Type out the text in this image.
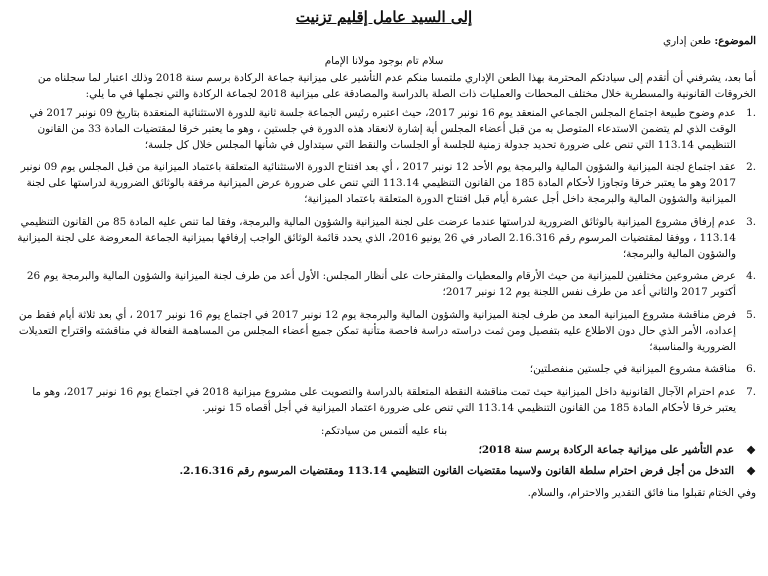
إلى السيد عامل إقليم تزنيت

الموضوع: طعن إداري

سلام تام بوجود مولانا الإمام

أما بعد، يشرفني أن أتقدم إلى سيادتكم المحترمة بهذا الطعن الإداري ملتمسا منكم عدم التأشير على ميزانية جماعة الركادة برسم سنة 2018 وذلك اعتبار لما سجلناه من الخروقات القانونية والمسطرية خلال مختلف المحطات والعمليات ذات الصلة بالدراسة والمصادقة على ميزانية 2018 لجماعة الركادة والتي نجملها في ما يلي:

.1
عدم وضوح طبيعة اجتماع المجلس الجماعي المنعقد يوم 16 نونبر 2017، حيث اعتبره رئيس الجماعة جلسة ثانية للدورة الاستثنائية المنعقدة بتاريخ 09 نونبر 2017 في الوقت الذي لم يتضمن الاستدعاء المتوصل به من قبل أعضاء المجلس أية إشارة لانعقاد هذه الدورة في جلستين ، وهو ما يعتبر خرقا لمقتضيات المادة 33 من القانون التنظيمي 113.14 التي تنص على ضرورة تحديد جدولة زمنية للجلسة أو الجلسات والنقط التي سيتداول في شأنها المجلس خلال كل جلسة؛
.2
عقد اجتماع لجنة الميزانية والشؤون المالية والبرمجة يوم الأحد 12 نونبر 2017 ، أي بعد افتتاح الدورة الاستثنائية المتعلقة باعتماد الميزانية من قبل المجلس يوم 09 نونبر 2017 وهو ما يعتبر خرقا وتجاوزا لأحكام المادة 185 من القانون التنظيمي 113.14 التي تنص على ضرورة عرض الميزانية مرفقة بالوثائق الضرورية لدراستها على لجنة الميزانية والشؤون المالية والبرمجة داخل أجل عشرة أيام قبل افتتاح الدورة المتعلقة باعتماد الميزانية؛
.3
عدم إرفاق مشروع الميزانية بالوثائق الضرورية لدراستها عندما عرضت على لجنة الميزانية والشؤون المالية والبرمجة، وفقا لما تنص عليه المادة 85 من القانون التنظيمي 113.14 ، ووفقا لمقتضيات المرسوم رقم 2.16.316 الصادر في 26 يونيو 2016، الذي يحدد قائمة الوثائق الواجب إرفاقها بميزانية الجماعة المعروضة على لجنة الميزانية والشؤون المالية والبرمجة؛
.4
عرض مشروعين مختلفين للميزانية من حيث الأرقام والمعطيات والمقترحات على أنظار المجلس: الأول أعد من طرف لجنة الميزانية والشؤون المالية والبرمجة يوم 26 أكتوبر 2017 والثاني أعد من طرف نفس اللجنة يوم 12 نونبر 2017؛
.5
فرض مناقشة مشروع الميزانية المعد من طرف لجنة الميزانية والشؤون المالية والبرمجة يوم 12 نونبر 2017 في اجتماع يوم 16 نونبر 2017 ، أي بعد ثلاثة أيام فقط من إعداده، الأمر الذي حال دون الاطلاع عليه بتفصيل ومن ثمت دراسته دراسة فاحصة متأنية تمكن جميع أعضاء المجلس من المساهمة الفعالة في مناقشته واقتراح التعديلات الضرورية والمناسبة؛
.6
مناقشة مشروع الميزانية في جلستين منفصلتين؛
.7
عدم احترام الآجال القانونية داخل الميزانية حيث تمت مناقشة النقطة المتعلقة بالدراسة والتصويت على مشروع ميزانية 2018 في اجتماع يوم 16 نونبر 2017، وهو ما يعتبر خرقا لأحكام المادة 185 من القانون التنظيمي 113.14 التي تنص على ضرورة اعتماد الميزانية في أجل أقصاه 15 نونبر.

بناء عليه ألتمس من سيادتكم:

❖
عدم التأشير على ميزانية جماعة الركادة برسم سنة 2018؛
❖
التدخل من أجل فرض احترام سلطة القانون ولاسيما مقتضيات القانون التنظيمي 113.14 ومقتضيات المرسوم رقم 2.16.316.

وفي الختام تقبلوا منا فائق التقدير والاحترام، والسلام.
